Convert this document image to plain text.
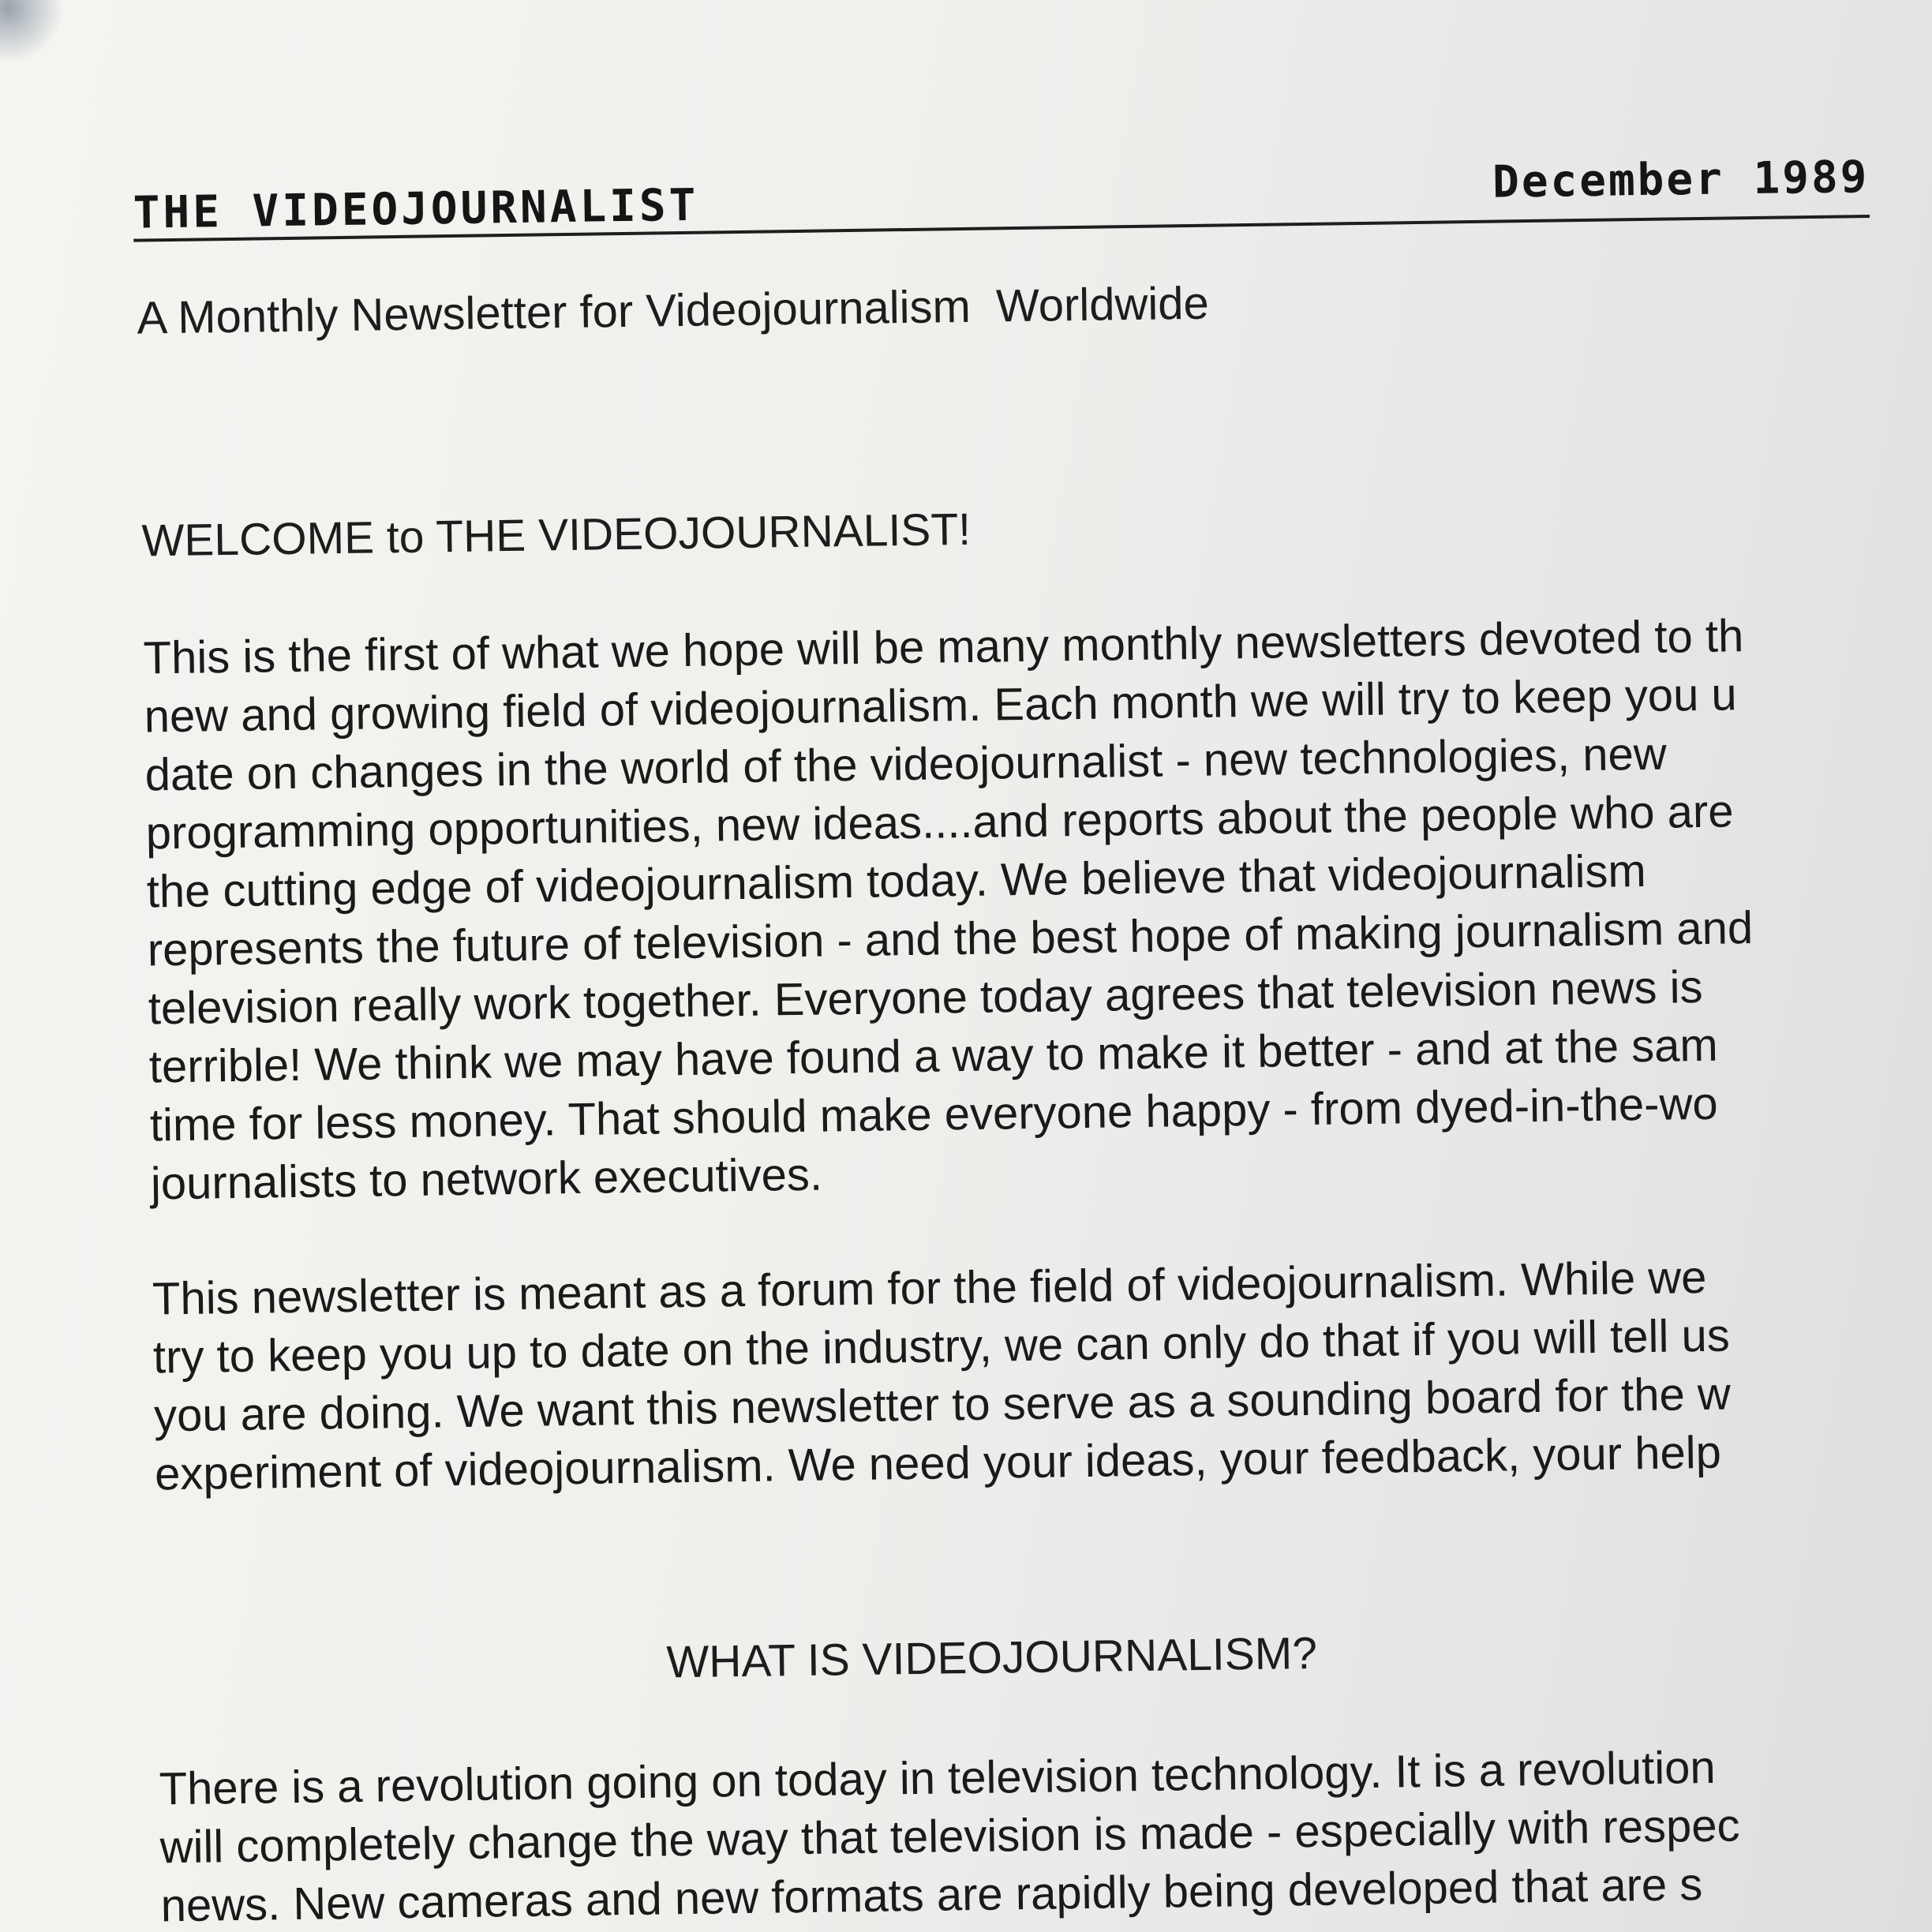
THE VIDEOJOURNALIST	December 1989
A Monthly Newsletter for Videojournalism  Worldwide
WELCOME to THE VIDEOJOURNALIST!
This is the first of what we hope will be many monthly newsletters devoted to th
new and growing field of videojournalism. Each month we will try to keep you u
date on changes in the world of the videojournalist - new technologies, new
programming opportunities, new ideas....and reports about the people who are
the cutting edge of videojournalism today. We believe that videojournalism
represents the future of television - and the best hope of making journalism and
television really work together. Everyone today agrees that television news is
terrible! We think we may have found a way to make it better - and at the sam
time for less money. That should make everyone happy - from dyed-in-the-wo
journalists to network executives.
This newsletter is meant as a forum for the field of videojournalism. While we
try to keep you up to date on the industry, we can only do that if you will tell us
you are doing. We want this newsletter to serve as a sounding board for the w
experiment of videojournalism. We need your ideas, your feedback, your help
WHAT IS VIDEOJOURNALISM?
There is a revolution going on today in television technology. It is a revolution
will completely change the way that television is made - especially with respec
news. New cameras and new formats are rapidly being developed that are s
